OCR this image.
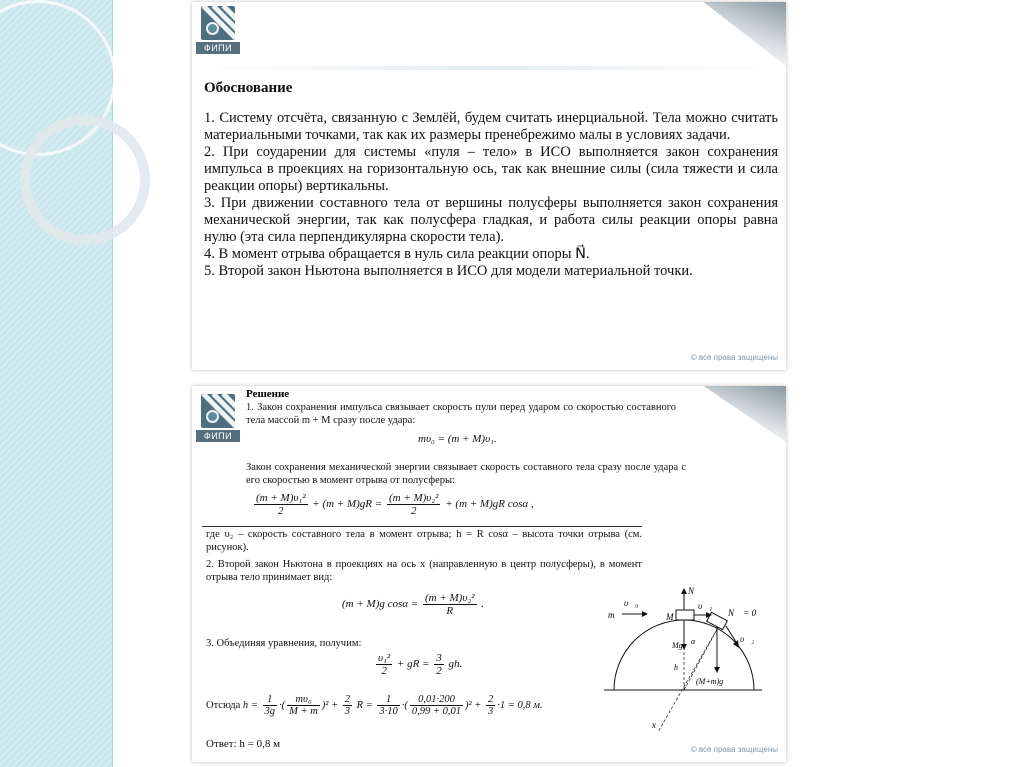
ФИПИ
Обоснование

1. Систему отсчёта, связанную с Землёй, будем считать инерциальной. Тела можно считать материальными точками, так как их размеры пренебрежимо малы в условиях задачи.

2. При соударении для системы «пуля – тело» в ИСО выполняется закон сохранения импульса в проекциях на горизонтальную ось, так как внешние силы (сила тяжести и сила реакции опоры) вертикальны.

3. При движении составного тела от вершины полусферы выполняется закон сохранения механической энергии, так как полусфера гладкая, и работа силы реакции опоры равна нулю (эта сила перпендикулярна скорости тела).

4. В момент отрыва обращается в нуль сила реакции опоры N⃗.

5. Второй закон Ньютона выполняется в ИСО для модели материальной точки.

© все права защищены
ФИПИ
Решение
1. Закон сохранения импульса связывает скорость пули перед ударом со скоростью составного тела массой m + M сразу после удара:
mυ₀ = (m + M)υ₁.
Закон сохранения механической энергии связывает скорость составного тела сразу после удара с его скоростью в момент отрыва от полусферы:
$\frac{\text{(m + M)υ₁²}}{2} + (m + M)gR = \frac{\text{(m + M)υ₂²}}{2} + (m + M)gR$ cosα ,
где υ₂ – скорость составного тела в момент отрыва; h = R cosα – высота точки отрыва (см. рисунок).
2. Второй закон Ньютона в проекциях на ось x (направленную в центр полусферы), в момент отрыва тело принимает вид:
(m + M)g $\cos\alpha = \frac{\text{(m + M)υ₂²}}{R}$ .
3. Объединяя уравнения, получим:
$\frac{\text{υ₁²}}{2}$ + gR = $\frac{3}{2}$ gh.
Отсюда $h = \frac{1}{3g}$ ·( $\frac{\text{mυ₀}}{M + m} )^2 + \frac{2}{3}$ $R = \frac{1}{3\cdot 10}$ ·( $\frac{0,01\cdot 200}{0,99 + 0,01} )^2 + \frac{2}{3} \cdot 1 = 0,8$ м.
Ответ: h = 0,8 м
υ⃗₀
m	M
N⃗
υ⃗₁
N⃗ = 0
υ⃗₂
Mg⃗ α
(M+m)g⃗
h
x
© все права защищены
